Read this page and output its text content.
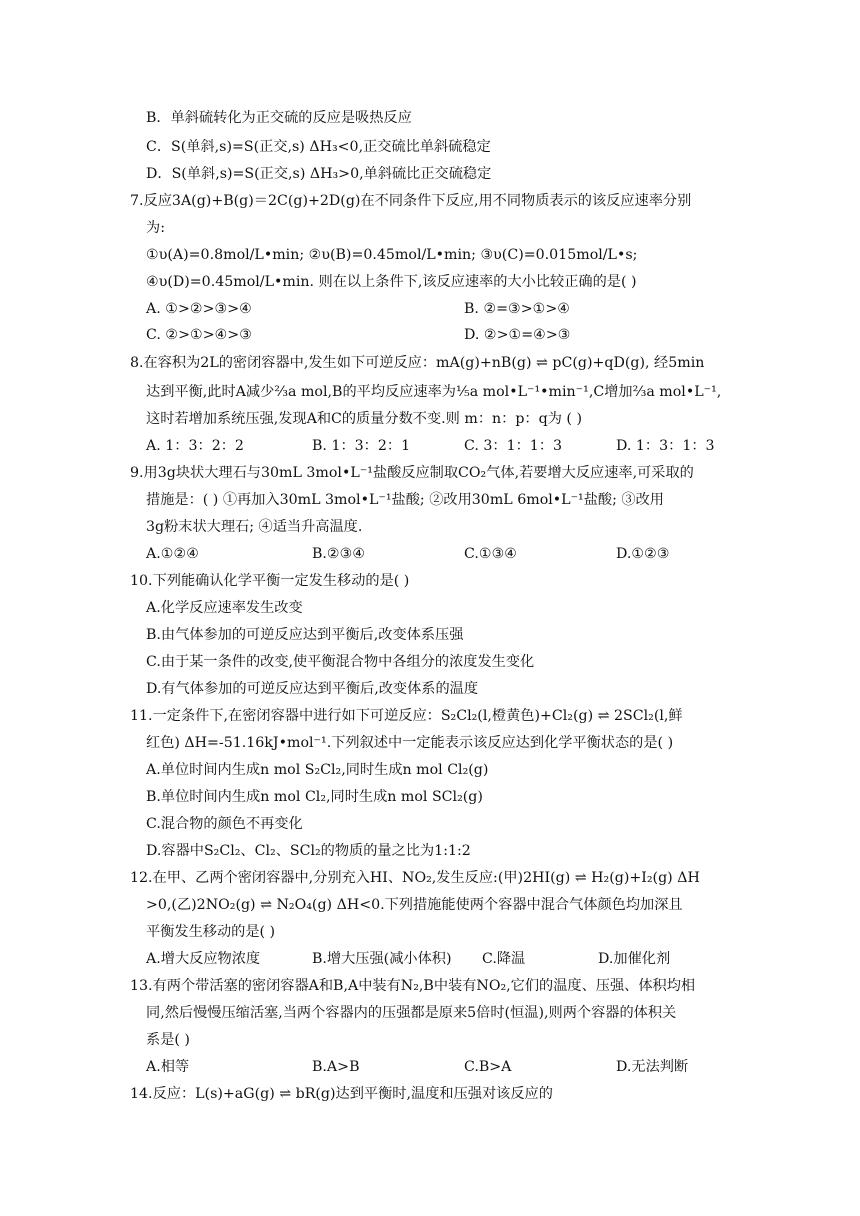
B．单斜硫转化为正交硫的反应是吸热反应
C．S(单斜,s)=S(正交,s) ΔH₃<0,正交硫比单斜硫稳定
D．S(单斜,s)=S(正交,s) ΔH₃>0,单斜硫比正交硫稳定
7.反应3A(g)+B(g)＝2C(g)+2D(g)在不同条件下反应,用不同物质表示的该反应速率分别
为:
①υ(A)=0.8mol/L•min; ②υ(B)=0.45mol/L•min; ③υ(C)=0.015mol/L•s;
④υ(D)=0.45mol/L•min. 则在以上条件下,该反应速率的大小比较正确的是( )
A. ①>②>③>④	B. ②=③>①>④
C. ②>①>④>③	D. ②>①=④>③
8.在容积为2L的密闭容器中,发生如下可逆反应：mA(g)+nB(g) ⇌ pC(g)+qD(g), 经5min
达到平衡,此时A减少⅔a mol,B的平均反应速率为⅕a mol•L⁻¹•min⁻¹,C增加⅔a mol•L⁻¹,
这时若增加系统压强,发现A和C的质量分数不变.则 m：n：p：q为 ( )
A. 1：3：2：2	B. 1：3：2：1	C. 3：1：1：3	D. 1：3：1：3
9.用3g块状大理石与30mL 3mol•L⁻¹盐酸反应制取CO₂气体,若要增大反应速率,可采取的
措施是：( ) ①再加入30mL 3mol•L⁻¹盐酸; ②改用30mL 6mol•L⁻¹盐酸; ③改用
3g粉末状大理石; ④适当升高温度.
A.①②④	B.②③④	C.①③④	D.①②③
10.下列能确认化学平衡一定发生移动的是( )
A.化学反应速率发生改变
B.由气体参加的可逆反应达到平衡后,改变体系压强
C.由于某一条件的改变,使平衡混合物中各组分的浓度发生变化
D.有气体参加的可逆反应达到平衡后,改变体系的温度
11.一定条件下,在密闭容器中进行如下可逆反应：S₂Cl₂(l,橙黄色)+Cl₂(g) ⇌ 2SCl₂(l,鲜
红色) ΔH=-51.16kJ•mol⁻¹.下列叙述中一定能表示该反应达到化学平衡状态的是( )
A.单位时间内生成n mol S₂Cl₂,同时生成n mol Cl₂(g)
B.单位时间内生成n mol Cl₂,同时生成n mol SCl₂(g)
C.混合物的颜色不再变化
D.容器中S₂Cl₂、Cl₂、SCl₂的物质的量之比为1:1:2
12.在甲、乙两个密闭容器中,分别充入HI、NO₂,发生反应:(甲)2HI(g) ⇌ H₂(g)+I₂(g) ΔH
>0,(乙)2NO₂(g) ⇌ N₂O₄(g) ΔH<0.下列措施能使两个容器中混合气体颜色均加深且
平衡发生移动的是( )
A.增大反应物浓度	B.增大压强(减小体积) C.降温	D.加催化剂
13.有两个带活塞的密闭容器A和B,A中装有N₂,B中装有NO₂,它们的温度、压强、体积均相
同,然后慢慢压缩活塞,当两个容器内的压强都是原来5倍时(恒温),则两个容器的体积关
系是( )
A.相等	B.A>B	C.B>A	D.无法判断
14.反应：L(s)+aG(g) ⇌ bR(g)达到平衡时,温度和压强对该反应的
